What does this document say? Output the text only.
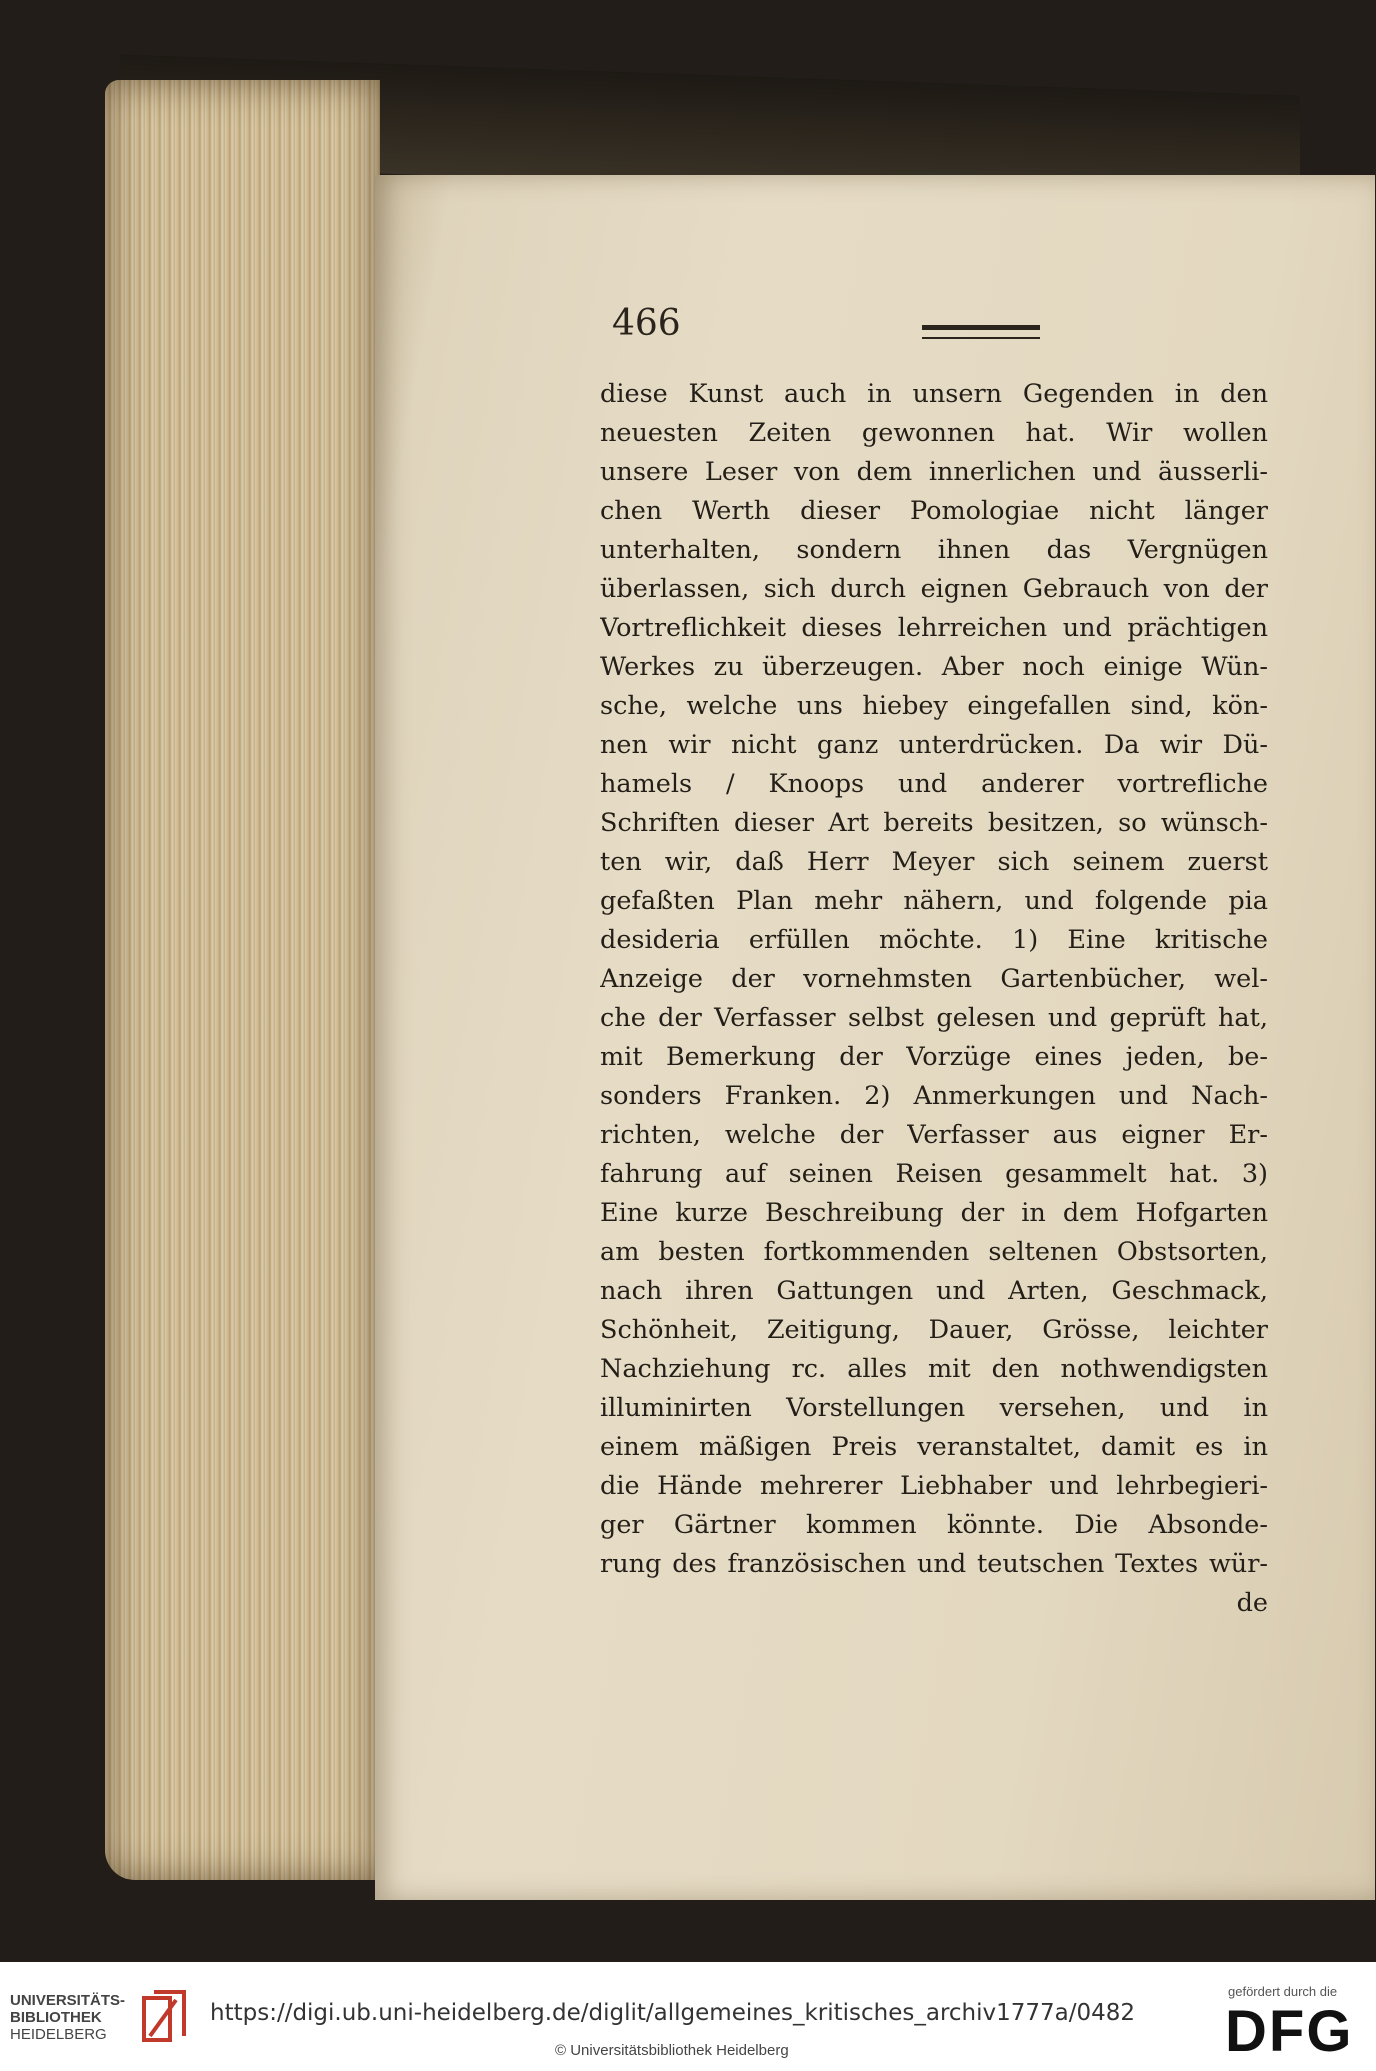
466
diese Kunst auch in unsern Gegenden in den
neuesten Zeiten gewonnen hat. Wir wollen
unsere Leser von dem innerlichen und äusserli-
chen Werth dieser Pomologiae nicht länger
unterhalten, sondern ihnen das Vergnügen
überlassen, sich durch eignen Gebrauch von der
Vortreflichkeit dieses lehrreichen und prächtigen
Werkes zu überzeugen. Aber noch einige Wün-
sche, welche uns hiebey eingefallen sind, kön-
nen wir nicht ganz unterdrücken. Da wir Dü-
hamels / Knoops und anderer vortrefliche
Schriften dieser Art bereits besitzen, so wünsch-
ten wir, daß Herr Meyer sich seinem zuerst
gefaßten Plan mehr nähern, und folgende pia
desideria erfüllen möchte. 1) Eine kritische
Anzeige der vornehmsten Gartenbücher, wel-
che der Verfasser selbst gelesen und geprüft hat,
mit Bemerkung der Vorzüge eines jeden, be-
sonders Franken. 2) Anmerkungen und Nach-
richten, welche der Verfasser aus eigner Er-
fahrung auf seinen Reisen gesammelt hat. 3)
Eine kurze Beschreibung der in dem Hofgarten
am besten fortkommenden seltenen Obstsorten,
nach ihren Gattungen und Arten, Geschmack,
Schönheit, Zeitigung, Dauer, Grösse, leichter
Nachziehung rc. alles mit den nothwendigsten
illuminirten Vorstellungen versehen, und in
einem mäßigen Preis veranstaltet, damit es in
die Hände mehrerer Liebhaber und lehrbegieri-
ger Gärtner kommen könnte. Die Absonde-
rung des französischen und teutschen Textes wür-
de
UNIVERSITÄTS-
BIBLIOTHEK
HEIDELBERG
https://digi.ub.uni-heidelberg.de/diglit/allgemeines_kritisches_archiv1777a/0482
© Universitätsbibliothek Heidelberg
gefördert durch die
DFG
